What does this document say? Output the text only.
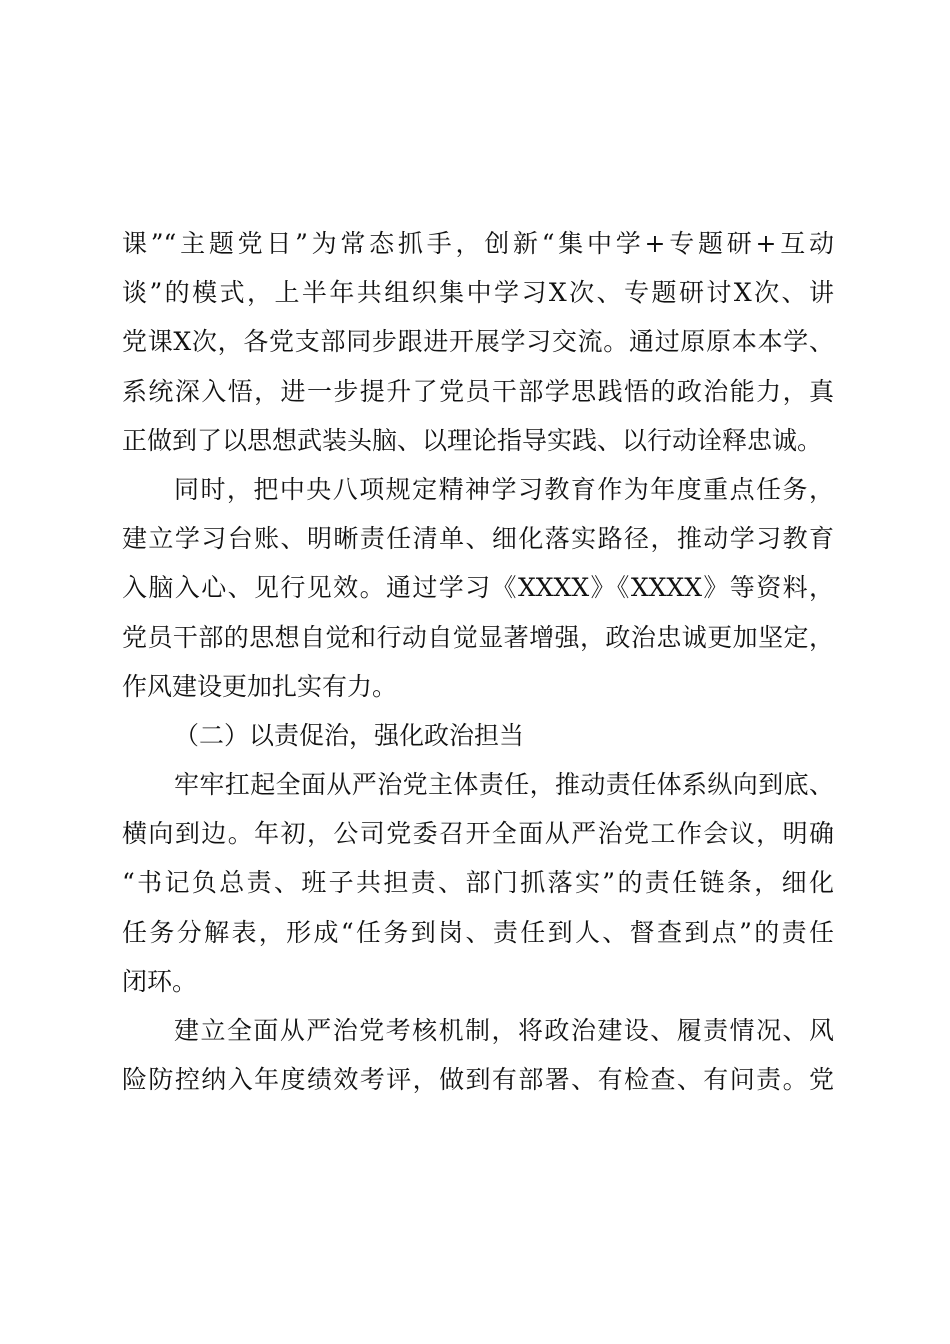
课”“主题党日”为常态抓手，创新“集中学+专题研+互动
谈”的模式，上半年共组织集中学习X次、专题研讨X次、讲
党课X次，各党支部同步跟进开展学习交流。通过原原本本学、
系统深入悟，进一步提升了党员干部学思践悟的政治能力，真
正做到了以思想武装头脑、以理论指导实践、以行动诠释忠诚。
同时，把中央八项规定精神学习教育作为年度重点任务，
建立学习台账、明晰责任清单、细化落实路径，推动学习教育
入脑入心、见行见效。通过学习《XXXX》《XXXX》等资料，
党员干部的思想自觉和行动自觉显著增强，政治忠诚更加坚定，
作风建设更加扎实有力。
（二）以责促治，强化政治担当
牢牢扛起全面从严治党主体责任，推动责任体系纵向到底、
横向到边。年初，公司党委召开全面从严治党工作会议，明确
“书记负总责、班子共担责、部门抓落实”的责任链条，细化
任务分解表，形成“任务到岗、责任到人、督查到点”的责任
闭环。
建立全面从严治党考核机制，将政治建设、履责情况、风
险防控纳入年度绩效考评，做到有部署、有检查、有问责。党
